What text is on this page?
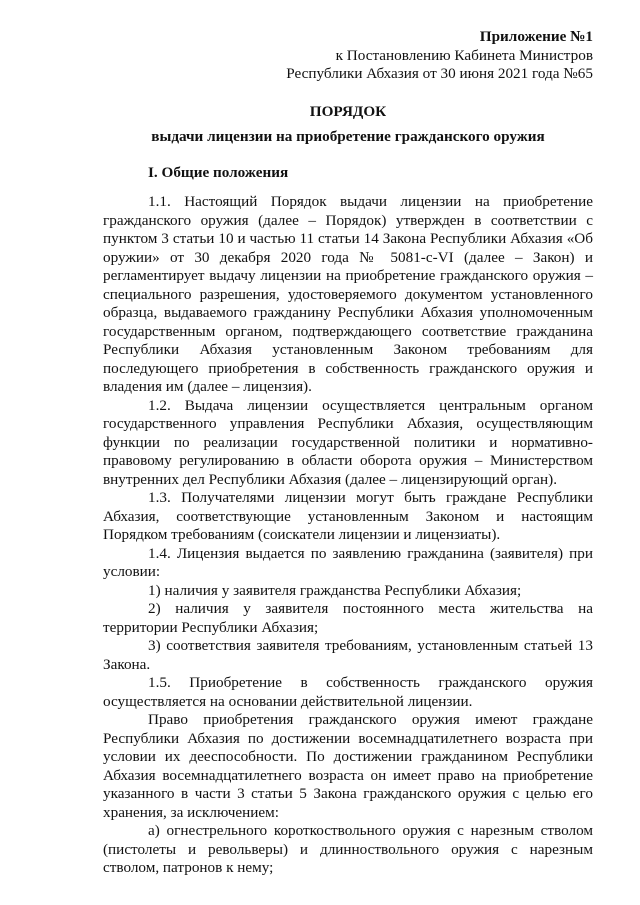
Приложение №1
к Постановлению Кабинета Министров
Республики Абхазия от 30 июня 2021 года №65
ПОРЯДОК
выдачи лицензии на приобретение гражданского оружия
I. Общие положения

1.1. Настоящий Порядок выдачи лицензии на приобретение гражданского оружия (далее – Порядок) утвержден в соответствии с пунктом 3 статьи 10 и частью 11 статьи 14 Закона Республики Абхазия «Об оружии» от 30 декабря 2020 года № 5081-с-VI (далее – Закон) и регламентирует выдачу лицензии на приобретение гражданского оружия – специального разрешения, удостоверяемого документом установленного образца, выдаваемого гражданину Республики Абхазия уполномоченным государственным органом, подтверждающего соответствие гражданина Республики Абхазия установленным Законом требованиям для последующего приобретения в собственность гражданского оружия и владения им (далее – лицензия).

1.2. Выдача лицензии осуществляется центральным органом государственного управления Республики Абхазия, осуществляющим функции по реализации государственной политики и нормативно-правовому регулированию в области оборота оружия – Министерством внутренних дел Республики Абхазия (далее – лицензирующий орган).

1.3. Получателями лицензии могут быть граждане Республики Абхазия, соответствующие установленным Законом и настоящим Порядком требованиям (соискатели лицензии и лицензиаты).

1.4. Лицензия выдается по заявлению гражданина (заявителя) при условии:

1) наличия у заявителя гражданства Республики Абхазия;

2) наличия у заявителя постоянного места жительства на территории Республики Абхазия;

3) соответствия заявителя требованиям, установленным статьей 13 Закона.

1.5. Приобретение в собственность гражданского оружия осуществляется на основании действительной лицензии.

Право приобретения гражданского оружия имеют граждане Республики Абхазия по достижении восемнадцатилетнего возраста при условии их дееспособности. По достижении гражданином Республики Абхазия восемнадцатилетнего возраста он имеет право на приобретение указанного в части 3 статьи 5 Закона гражданского оружия с целью его хранения, за исключением:

а) огнестрельного короткоствольного оружия с нарезным стволом (пистолеты и револьверы) и длинноствольного оружия с нарезным стволом, патронов к нему;
